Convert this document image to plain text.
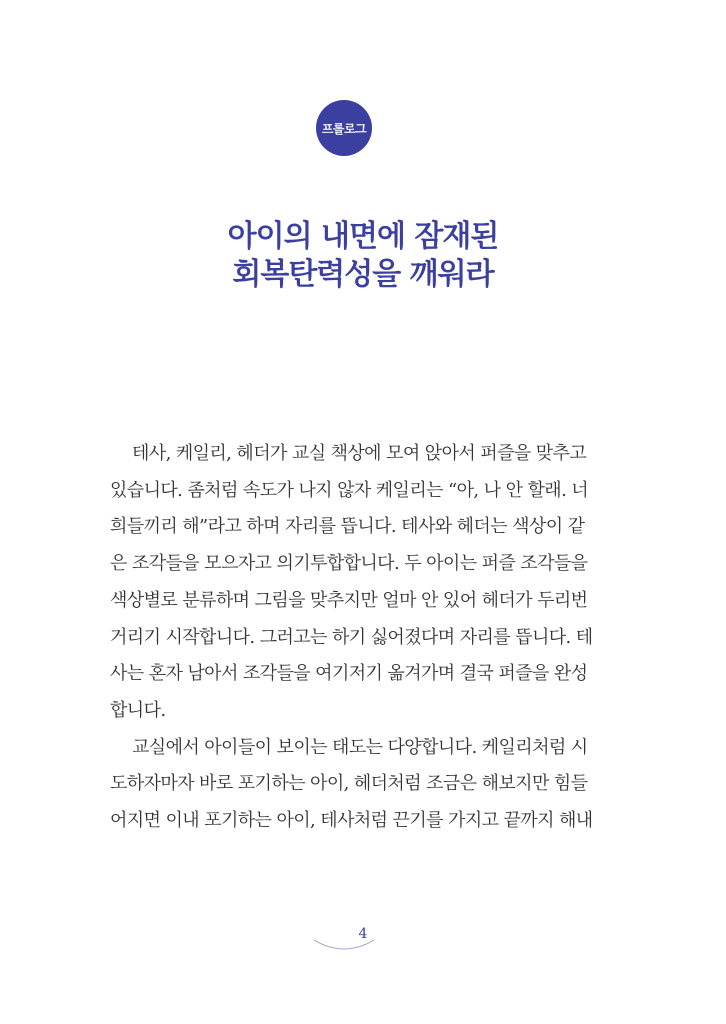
프롤로그
아이의 내면에 잠재된
회복탄력성을 깨워라
테사, 케일리, 헤더가 교실 책상에 모여 앉아서 퍼즐을 맞추고
있습니다. 좀처럼 속도가 나지 않자 케일리는 “아, 나 안 할래. 너
희들끼리 해”라고 하며 자리를 뜹니다. 테사와 헤더는 색상이 같
은 조각들을 모으자고 의기투합합니다. 두 아이는 퍼즐 조각들을
색상별로 분류하며 그림을 맞추지만 얼마 안 있어 헤더가 두리번
거리기 시작합니다. 그러고는 하기 싫어졌다며 자리를 뜹니다. 테
사는 혼자 남아서 조각들을 여기저기 옮겨가며 결국 퍼즐을 완성
합니다.
교실에서 아이들이 보이는 태도는 다양합니다. 케일리처럼 시
도하자마자 바로 포기하는 아이, 헤더처럼 조금은 해보지만 힘들
어지면 이내 포기하는 아이, 테사처럼 끈기를 가지고 끝까지 해내
4
